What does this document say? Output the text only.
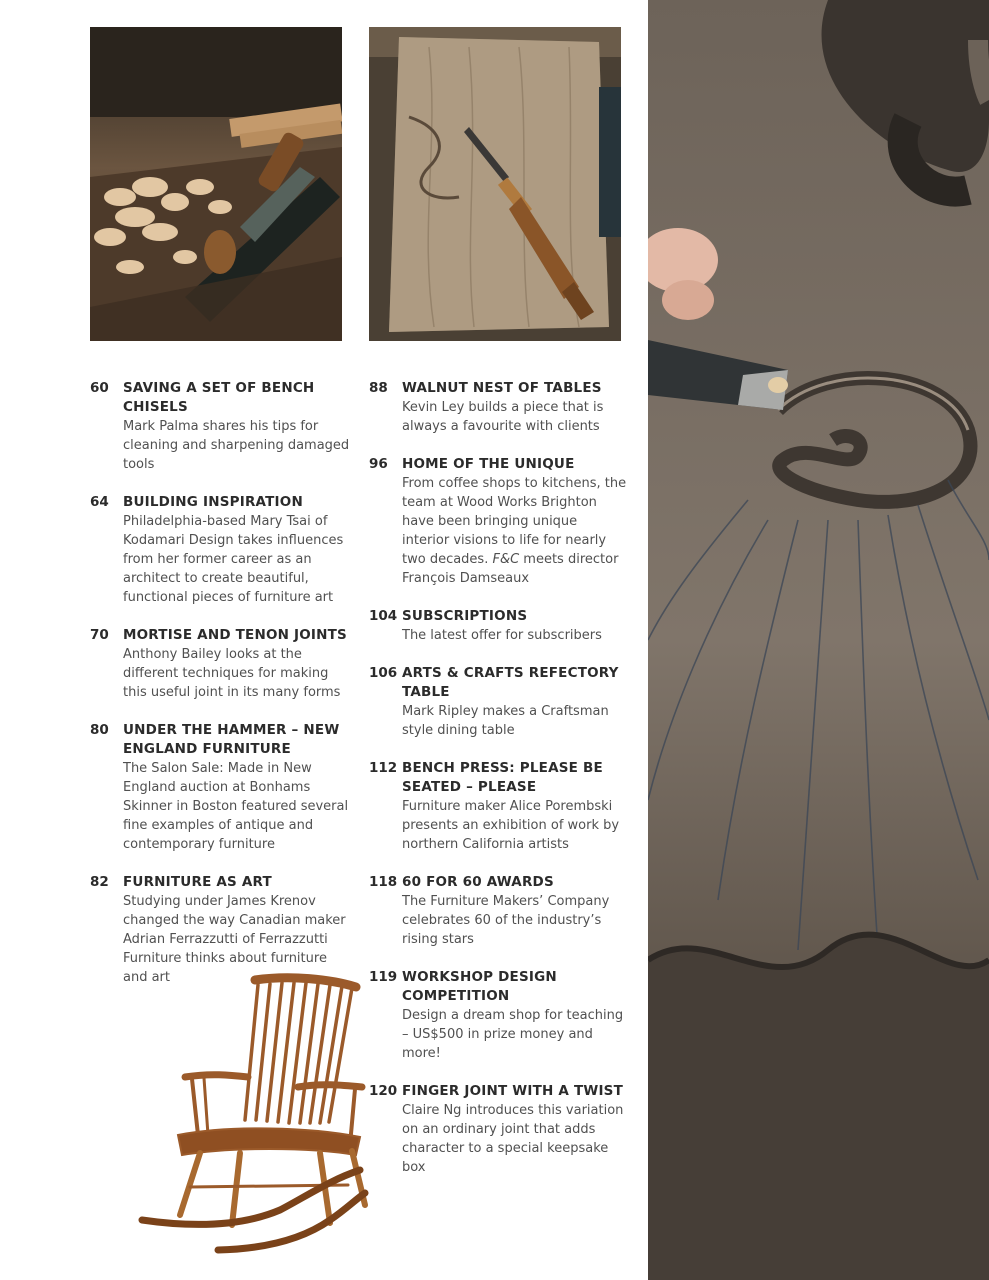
60 SAVING A SET OF BENCH CHISELS
Mark Palma shares his tips for cleaning and sharpening damaged tools
64 BUILDING INSPIRATION
Philadelphia-based Mary Tsai of Kodamari Design takes influences from her former career as an architect to create beautiful, functional pieces of furniture art
70 MORTISE AND TENON JOINTS
Anthony Bailey looks at the different techniques for making this useful joint in its many forms
80 UNDER THE HAMMER – NEW ENGLAND FURNITURE
The Salon Sale: Made in New England auction at Bonhams Skinner in Boston featured several fine examples of antique and contemporary furniture
82 FURNITURE AS ART
Studying under James Krenov changed the way Canadian maker Adrian Ferrazzutti of Ferrazzutti Furniture thinks about furniture and art
88 WALNUT NEST OF TABLES
Kevin Ley builds a piece that is always a favourite with clients
96 HOME OF THE UNIQUE
From coffee shops to kitchens, the team at Wood Works Brighton have been bringing unique interior visions to life for nearly two decades. F&C meets director François Damseaux
104 SUBSCRIPTIONS
The latest offer for subscribers
106 ARTS & CRAFTS REFECTORY TABLE
Mark Ripley makes a Craftsman style dining table
112 BENCH PRESS: PLEASE BE SEATED – PLEASE
Furniture maker Alice Porembski presents an exhibition of work by northern California artists
118 60 FOR 60 AWARDS
The Furniture Makers’ Company celebrates 60 of the industry’s rising stars
119 WORKSHOP DESIGN COMPETITION
Design a dream shop for teaching – US$500 in prize money and more!
120 FINGER JOINT WITH A TWIST
Claire Ng introduces this variation on an ordinary joint that adds character to a special keepsake box
